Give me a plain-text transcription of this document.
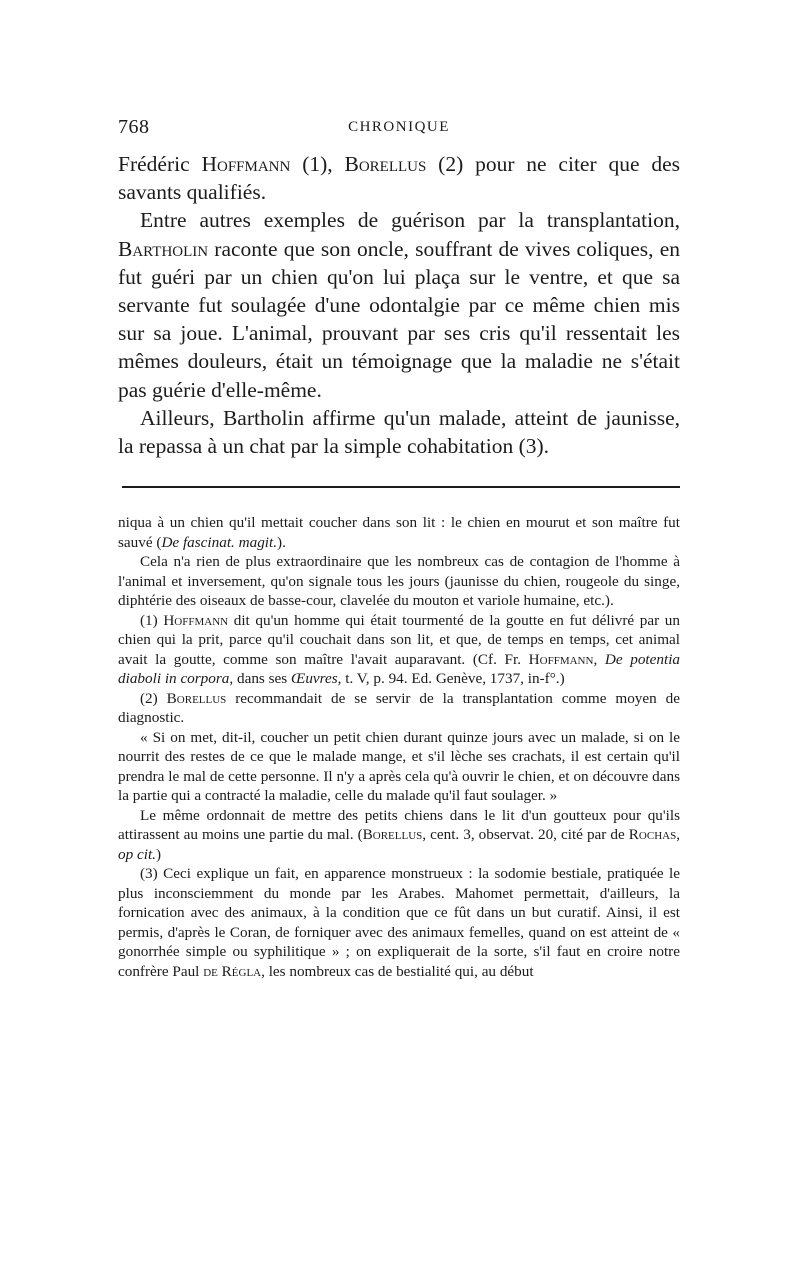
768	CHRONIQUE

Frédéric Hoffmann (1), Borellus (2) pour ne citer que des savants qualifiés.

Entre autres exemples de guérison par la transplantation, Bartholin raconte que son oncle, souffrant de vives coliques, en fut guéri par un chien qu'on lui plaça sur le ventre, et que sa servante fut soulagée d'une odontalgie par ce même chien mis sur sa joue. L'animal, prouvant par ses cris qu'il ressentait les mêmes douleurs, était un témoignage que la maladie ne s'était pas guérie d'elle-même.

Ailleurs, Bartholin affirme qu'un malade, atteint de jaunisse, la repassa à un chat par la simple cohabitation (3).

niqua à un chien qu'il mettait coucher dans son lit : le chien en mourut et son maître fut sauvé (De fascinat. magit.).

Cela n'a rien de plus extraordinaire que les nombreux cas de contagion de l'homme à l'animal et inversement, qu'on signale tous les jours (jaunisse du chien, rougeole du singe, diphtérie des oiseaux de basse-cour, clavelée du mouton et variole humaine, etc.).

(1) Hoffmann dit qu'un homme qui était tourmenté de la goutte en fut délivré par un chien qui la prit, parce qu'il couchait dans son lit, et que, de temps en temps, cet animal avait la goutte, comme son maître l'avait auparavant. (Cf. Fr. Hoffmann, De potentia diaboli in corpora, dans ses Œuvres, t. V, p. 94. Ed. Genève, 1737, in-f°.)

(2) Borellus recommandait de se servir de la transplantation comme moyen de diagnostic.

« Si on met, dit-il, coucher un petit chien durant quinze jours avec un malade, si on le nourrit des restes de ce que le malade mange, et s'il lèche ses crachats, il est certain qu'il prendra le mal de cette personne. Il n'y a après cela qu'à ouvrir le chien, et on découvre dans la partie qui a contracté la maladie, celle du malade qu'il faut soulager. »

Le même ordonnait de mettre des petits chiens dans le lit d'un goutteux pour qu'ils attirassent au moins une partie du mal. (Borellus, cent. 3, observat. 20, cité par de Rochas, op cit.)

(3) Ceci explique un fait, en apparence monstrueux : la sodomie bestiale, pratiquée le plus inconsciemment du monde par les Arabes. Mahomet permettait, d'ailleurs, la fornication avec des animaux, à la condition que ce fût dans un but curatif. Ainsi, il est permis, d'après le Coran, de forniquer avec des animaux femelles, quand on est atteint de « gonorrhée simple ou syphilitique » ; on expliquerait de la sorte, s'il faut en croire notre confrère Paul de Régla, les nombreux cas de bestialité qui, au début
